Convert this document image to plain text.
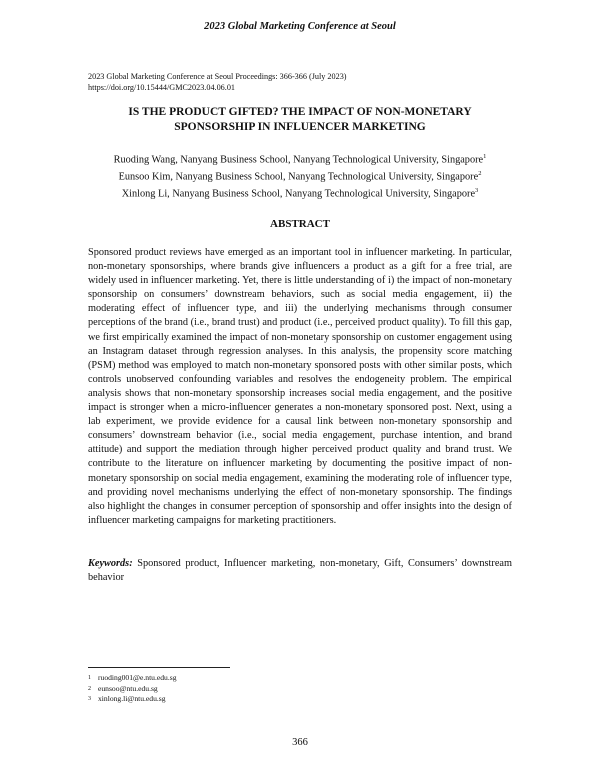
2023 Global Marketing Conference at Seoul
2023 Global Marketing Conference at Seoul Proceedings: 366-366 (July 2023)
https://doi.org/10.15444/GMC2023.04.06.01
IS THE PRODUCT GIFTED? THE IMPACT OF NON-MONETARY
SPONSORSHIP IN INFLUENCER MARKETING
Ruoding Wang, Nanyang Business School, Nanyang Technological University, Singapore$^1$
Eunsoo Kim, Nanyang Business School, Nanyang Technological University, Singapore$^2$
Xinlong Li, Nanyang Business School, Nanyang Technological University, Singapore$^3$
ABSTRACT

Sponsored product reviews have emerged as an important tool in influencer marketing. In particular, non-monetary sponsorships, where brands give influencers a product as a gift for a free trial, are widely used in influencer marketing. Yet, there is little understanding of i) the impact of non-monetary sponsorship on consumers’ downstream behaviors, such as social media engagement, ii) the moderating effect of influencer type, and iii) the underlying mechanisms through consumer perceptions of the brand (i.e., brand trust) and product (i.e., perceived product quality). To fill this gap, we first empirically examined the impact of non-monetary sponsorship on customer engagement using an Instagram dataset through regression analyses. In this analysis, the propensity score matching (PSM) method was employed to match non-monetary sponsored posts with other similar posts, which controls unobserved confounding variables and resolves the endogeneity problem. The empirical analysis shows that non-monetary sponsorship increases social media engagement, and the positive impact is stronger when a micro-influencer generates a non-monetary sponsored post. Next, using a lab experiment, we provide evidence for a causal link between non-monetary sponsorship and consumers’ downstream behavior (i.e., social media engagement, purchase intention, and brand attitude) and support the mediation through higher perceived product quality and brand trust. We contribute to the literature on influencer marketing by documenting the positive impact of non-monetary sponsorship on social media engagement, examining the moderating role of influencer type, and providing novel mechanisms underlying the effect of non-monetary sponsorship. The findings also highlight the changes in consumer perception of sponsorship and offer insights into the design of influencer marketing campaigns for marketing practitioners.

Keywords: Sponsored product, Influencer marketing, non-monetary, Gift, Consumers’ downstream behavior

1 ruoding001@e.ntu.edu.sg
2 eunsoo@ntu.edu.sg
3 xinlong.li@ntu.edu.sg
366
